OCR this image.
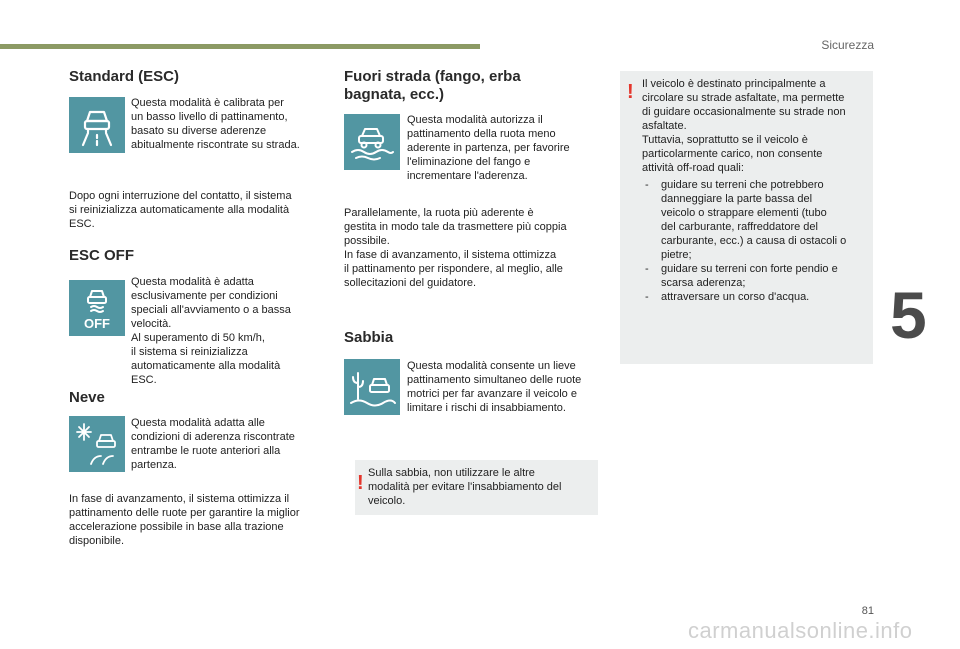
Sicurezza
5
81
carmanualsonline.info
Standard (ESC)

Questa modalità è calibrata per
un basso livello di pattinamento,
basato su diverse aderenze
abitualmente riscontrate su strada.

Dopo ogni interruzione del contatto, il sistema
si reinizializza automaticamente alla modalità
ESC.

ESC OFF
OFF

Questa modalità è adatta
esclusivamente per condizioni
speciali all'avviamento o a bassa
velocità.
Al superamento di 50 km/h,
il sistema si reinizializza
automaticamente alla modalità
ESC.

Neve

Questa modalità adatta alle
condizioni di aderenza riscontrate
entrambe le ruote anteriori alla
partenza.

In fase di avanzamento, il sistema ottimizza il
pattinamento delle ruote per garantire la miglior
accelerazione possibile in base alla trazione
disponibile.

Fuori strada (fango, erba
bagnata, ecc.)

Questa modalità autorizza il
pattinamento della ruota meno
aderente in partenza, per favorire
l'eliminazione del fango e
incrementare l'aderenza.

Parallelamente, la ruota più aderente è
gestita in modo tale da trasmettere più coppia
possibile.
In fase di avanzamento, il sistema ottimizza
il pattinamento per rispondere, al meglio, alle
sollecitazioni del guidatore.

Sabbia

Questa modalità consente un lieve
pattinamento simultaneo delle ruote
motrici per far avanzare il veicolo e
limitare i rischi di insabbiamento.

! Sulla sabbia, non utilizzare le altre
modalità per evitare l'insabbiamento del
veicolo.

! Il veicolo è destinato principalmente a
circolare su strade asfaltate, ma permette
di guidare occasionalmente su strade non
asfaltate.
Tuttavia, soprattutto se il veicolo è
particolarmente carico, non consente
attività off-road quali:

- guidare su terreni che potrebbero
danneggiare la parte bassa del
veicolo o strappare elementi (tubo
del carburante, raffreddatore del
carburante, ecc.) a causa di ostacoli o
pietre;

- guidare su terreni con forte pendio e
scarsa aderenza;

- attraversare un corso d'acqua.
